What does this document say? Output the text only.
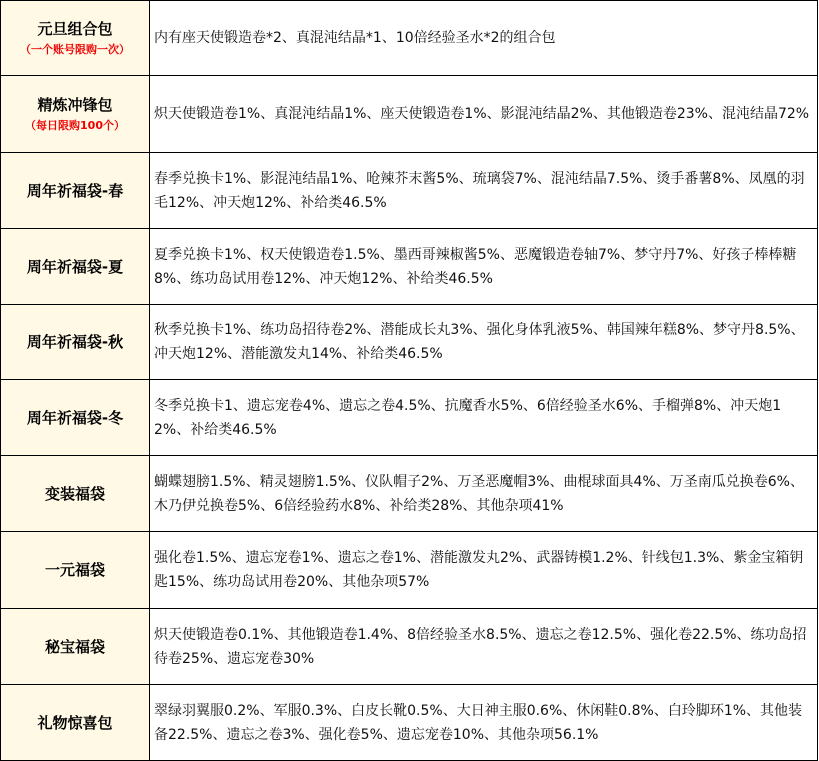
元旦组合包
（一个账号限购一次）	内有座天使锻造卷*2、真混沌结晶*1、10倍经验圣水*2的组合包

精炼冲锋包
（每日限购100个）	炽天使锻造卷1%、真混沌结晶1%、座天使锻造卷1%、影混沌结晶2%、其他锻造卷23%、混沌结晶72%

周年祈福袋-春	春季兑换卡1%、影混沌结晶1%、呛辣芥末酱5%、琉璃袋7%、混沌结晶7.5%、烫手番薯8%、凤凰的羽毛12%、冲天炮12%、补给类46.5%

周年祈福袋-夏	夏季兑换卡1%、权天使锻造卷1.5%、墨西哥辣椒酱5%、恶魔锻造卷轴7%、梦守丹7%、好孩子棒棒糖8%、练功岛试用卷12%、冲天炮12%、补给类46.5%

周年祈福袋-秋	秋季兑换卡1%、练功岛招待卷2%、潜能成长丸3%、强化身体乳液5%、韩国辣年糕8%、梦守丹8.5%、冲天炮12%、潜能激发丸14%、补给类46.5%

周年祈福袋-冬	冬季兑换卡1、遗忘宠卷4%、遗忘之卷4.5%、抗魔香水5%、6倍经验圣水6%、手榴弹8%、冲天炮12%、补给类46.5%

变装福袋	蝴蝶翅膀1.5%、精灵翅膀1.5%、仪队帽子2%、万圣恶魔帽3%、曲棍球面具4%、万圣南瓜兑换卷6%、木乃伊兑换卷5%、6倍经验药水8%、补给类28%、其他杂项41%

一元福袋	强化卷1.5%、遗忘宠卷1%、遗忘之卷1%、潜能激发丸2%、武器铸模1.2%、针线包1.3%、紫金宝箱钥匙15%、练功岛试用卷20%、其他杂项57%

秘宝福袋	炽天使锻造卷0.1%、其他锻造卷1.4%、8倍经验圣水8.5%、遗忘之卷12.5%、强化卷22.5%、练功岛招待卷25%、遗忘宠卷30%

礼物惊喜包	翠绿羽翼服0.2%、军服0.3%、白皮长靴0.5%、大日神主服0.6%、休闲鞋0.8%、白玲脚环1%、其他装备22.5%、遗忘之卷3%、强化卷5%、遗忘宠卷10%、其他杂项56.1%
